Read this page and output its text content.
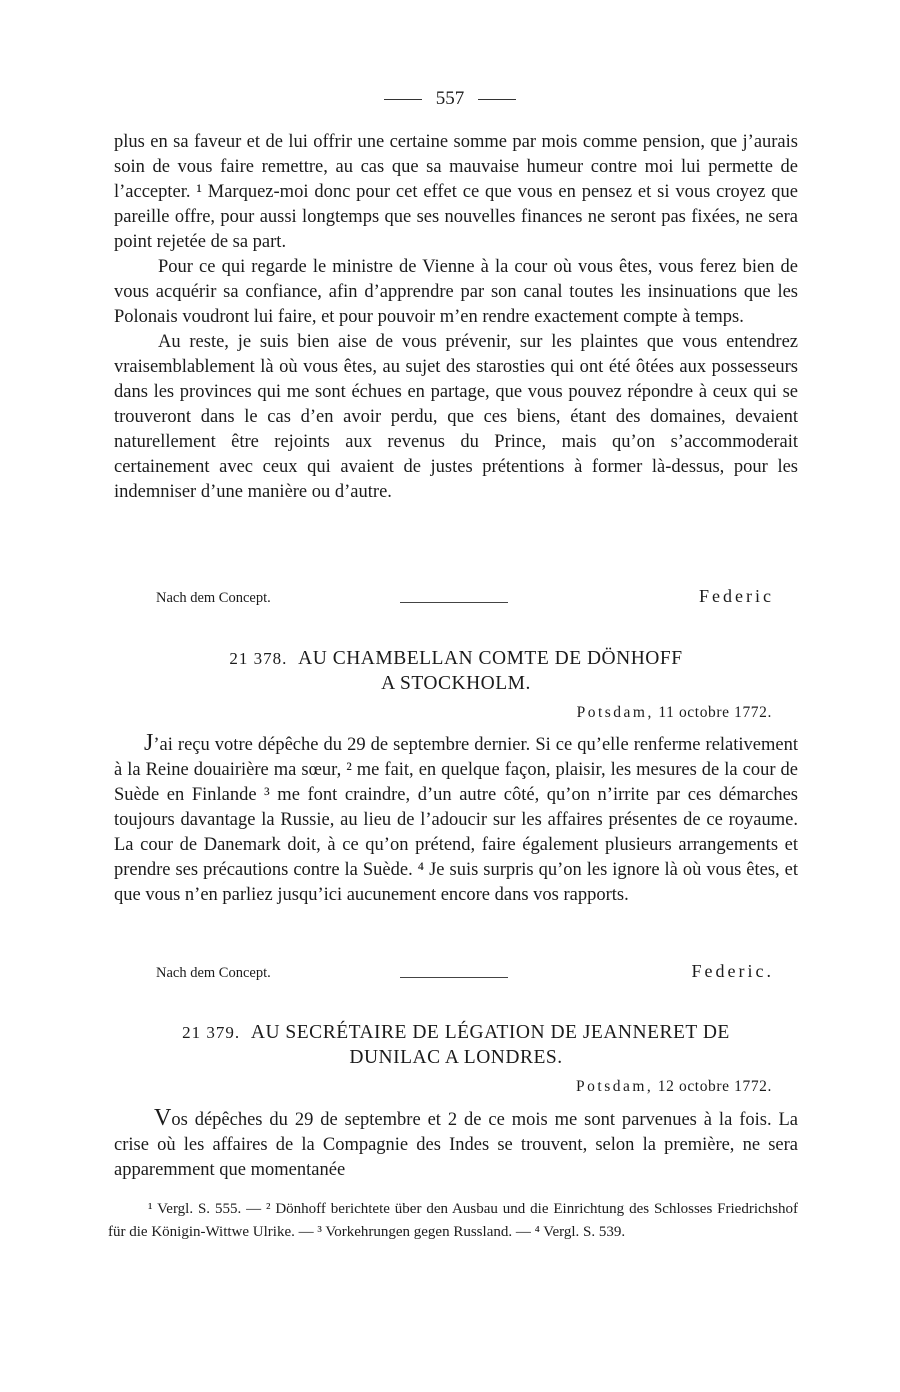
557

plus en sa faveur et de lui offrir une certaine somme par mois comme pension, que j’aurais soin de vous faire remettre, au cas que sa mauvaise humeur contre moi lui permette de l’accepter. ¹ Marquez-moi donc pour cet effet ce que vous en pensez et si vous croyez que pareille offre, pour aussi longtemps que ses nouvelles finances ne seront pas fixées, ne sera point rejetée de sa part.

Pour ce qui regarde le ministre de Vienne à la cour où vous êtes, vous ferez bien de vous acquérir sa confiance, afin d’apprendre par son canal toutes les insinuations que les Polonais voudront lui faire, et pour pouvoir m’en rendre exactement compte à temps.

Au reste, je suis bien aise de vous prévenir, sur les plaintes que vous entendrez vraisemblablement là où vous êtes, au sujet des starosties qui ont été ôtées aux possesseurs dans les provinces qui me sont échues en partage, que vous pouvez répondre à ceux qui se trouveront dans le cas d’en avoir perdu, que ces biens, étant des domaines, devaient naturellement être rejoints aux revenus du Prince, mais qu’on s’accommoderait certainement avec ceux qui avaient de justes prétentions à former là-dessus, pour les indemniser d’une manière ou d’autre.

Nach dem Concept.	Federic
21 378. AU CHAMBELLAN COMTE DE DÖNHOFF
A STOCKHOLM.
Potsdam, 11 octobre 1772.

J’ai reçu votre dépêche du 29 de septembre dernier. Si ce qu’elle renferme relativement à la Reine douairière ma sœur, ² me fait, en quelque façon, plaisir, les mesures de la cour de Suède en Finlande ³ me font craindre, d’un autre côté, qu’on n’irrite par ces démarches toujours davantage la Russie, au lieu de l’adoucir sur les affaires présentes de ce royaume. La cour de Danemark doit, à ce qu’on prétend, faire également plusieurs arrangements et prendre ses précautions contre la Suède. ⁴ Je suis surpris qu’on les ignore là où vous êtes, et que vous n’en parliez jusqu’ici aucunement encore dans vos rapports.

Nach dem Concept.	Federic.
21 379. AU SECRÉTAIRE DE LÉGATION DE JEANNERET DE
DUNILAC A LONDRES.
Potsdam, 12 octobre 1772.

Vos dépêches du 29 de septembre et 2 de ce mois me sont parvenues à la fois. La crise où les affaires de la Compagnie des Indes se trouvent, selon la première, ne sera apparemment que momentanée

¹ Vergl. S. 555. — ² Dönhoff berichtete über den Ausbau und die Einrichtung des Schlosses Friedrichshof für die Königin-Wittwe Ulrike. — ³ Vorkehrungen gegen Russland. — ⁴ Vergl. S. 539.
